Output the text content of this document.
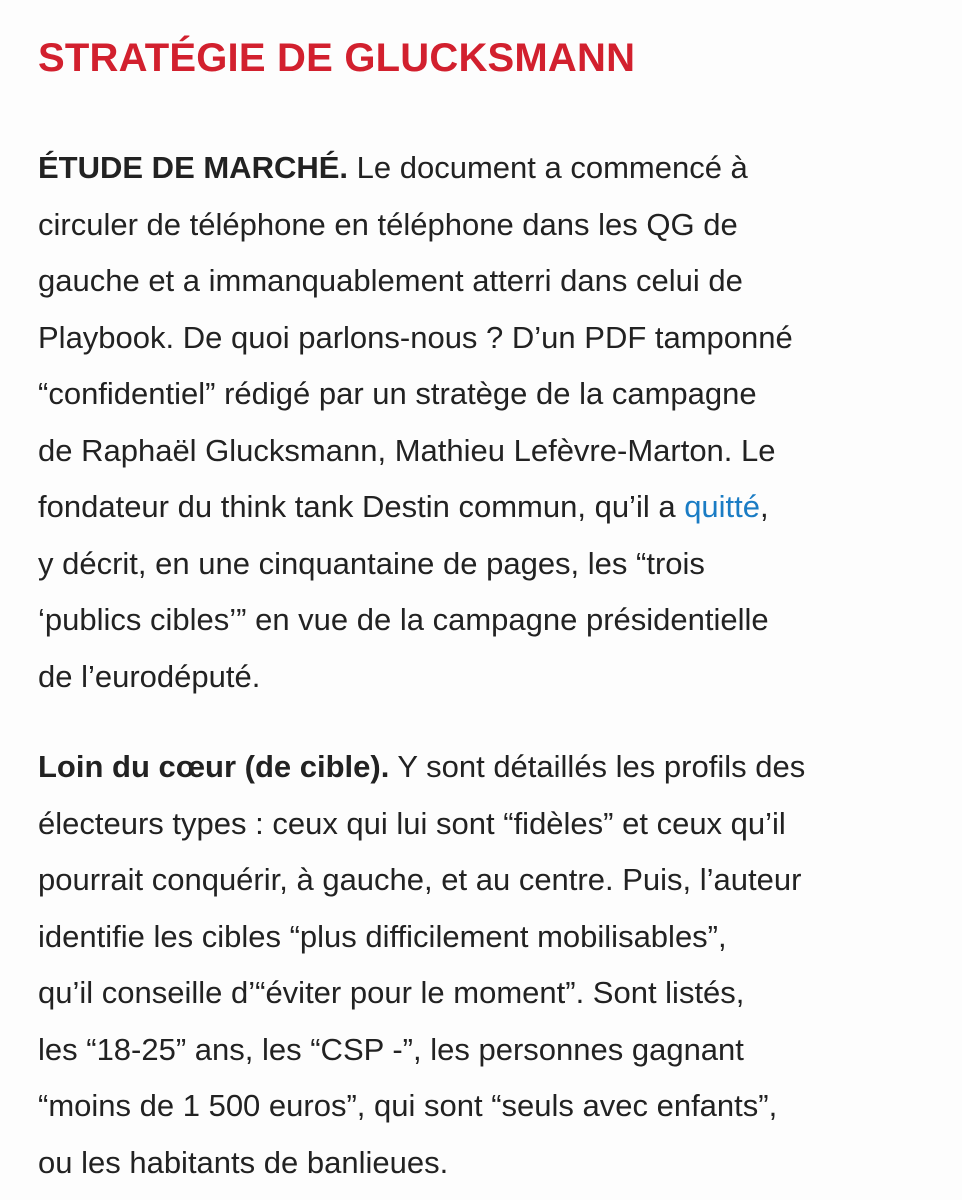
STRATÉGIE DE GLUCKSMANN

ÉTUDE DE MARCHÉ. Le document a commencé à
circuler de téléphone en téléphone dans les QG de
gauche et a immanquablement atterri dans celui de
Playbook. De quoi parlons-nous ? D’un PDF tamponné
“confidentiel” rédigé par un stratège de la campagne
de Raphaël Glucksmann, Mathieu Lefèvre-Marton. Le
fondateur du think tank Destin commun, qu’il a quitté,
y décrit, en une cinquantaine de pages, les “trois
‘publics cibles’” en vue de la campagne présidentielle
de l’eurodéputé.

Loin du cœur (de cible). Y sont détaillés les profils des
électeurs types : ceux qui lui sont “fidèles” et ceux qu’il
pourrait conquérir, à gauche, et au centre. Puis, l’auteur
identifie les cibles “plus difficilement mobilisables”,
qu’il conseille d’“éviter pour le moment”. Sont listés,
les “18-25” ans, les “CSP -”, les personnes gagnant
“moins de 1 500 euros”, qui sont “seuls avec enfants”,
ou les habitants de banlieues.
